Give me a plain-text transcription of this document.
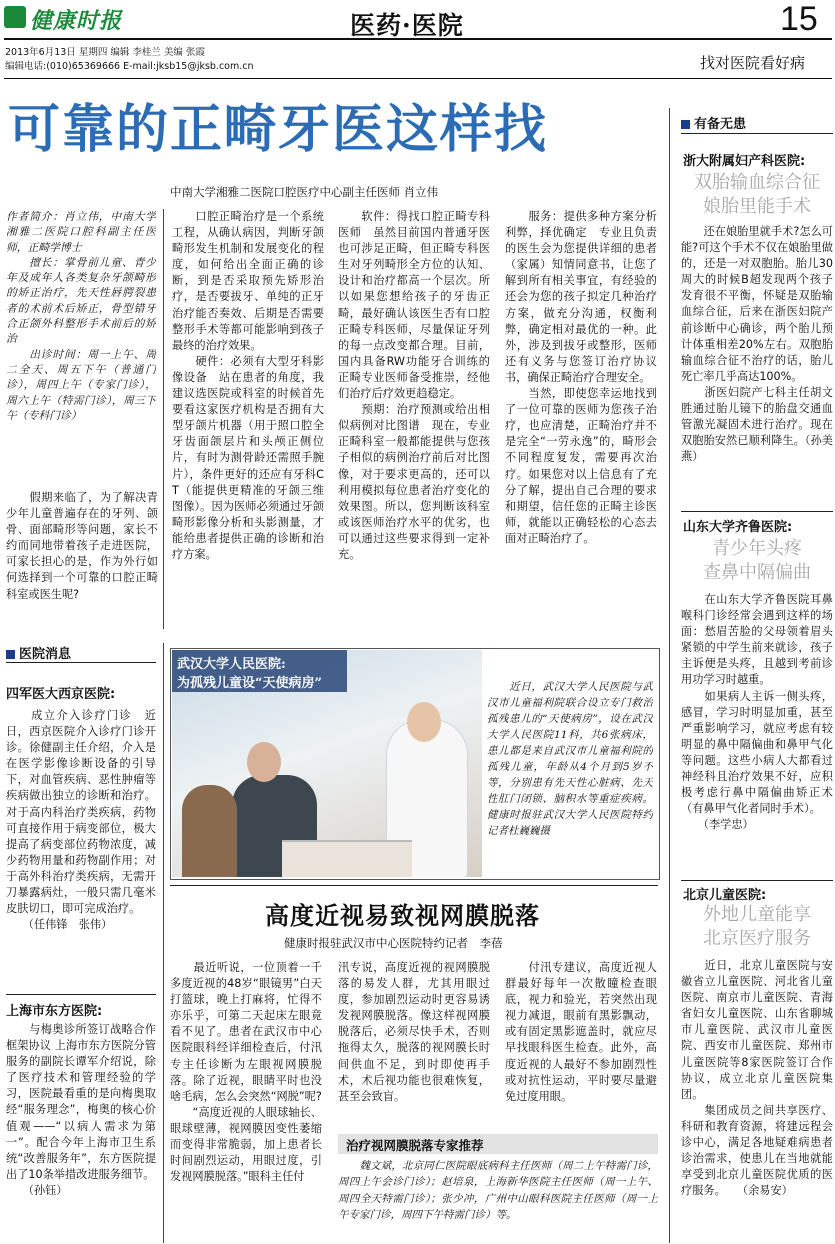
健康时报	医药·医院	15
2013年6月13日 星期四 编辑 李桂兰 美编 张霞
编辑电话:(010)65369666 E-mail:jksb15@jksb.com.cn	找对医院看好病
可靠的正畸牙医这样找
中南大学湘雅二医院口腔医疗中心副主任医师 肖立伟
作者简介：肖立伟，中南大学湘雅二医院口腔科副主任医师，正畸学博士
　　擅长：掌骨前儿童、青少年及成年人各类复杂牙颌畸形的矫正治疗，先天性唇腭裂患者的术前术后矫正，骨型错牙合正颌外科整形手术前后的矫治
　　出诊时间：周一上午、周二全天、周五下午（普通门诊），周四上午（专家门诊），周六上午（特需门诊），周三下午（专科门诊）
　　假期来临了，为了解决青少年儿童普遍存在的牙列、颌骨、面部畸形等问题，家长不约而同地带着孩子走进医院，可家长担心的是，作为外行如何选择到一个可靠的口腔正畸科室或医生呢?
　　口腔正畸治疗是一个系统工程，从确认病因，判断牙颌畸形发生机制和发展变化的程度，如何给出全面正确的诊断，到是否采取预先矫形治疗，是否要拔牙、单纯的正牙治疗能否奏效、后期是否需要整形手术等都可能影响到孩子最终的治疗效果。
　　硬件：必须有大型牙科影像设备　站在患者的角度，我建议选医院或科室的时候首先要看这家医疗机构是否拥有大型牙颌片机器（用于照口腔全牙齿面颌层片和头颅正侧位片，有时为测骨龄还需照手腕片），条件更好的还应有牙科CT（能提供更精准的牙颌三维图像）。因为医师必须通过牙颌畸形影像分析和头影测量，才能给患者提供正确的诊断和治疗方案。
　　软件：得找口腔正畸专科医师　虽然目前国内普通牙医也可涉足正畸，但正畸专科医生对牙列畸形全方位的认知、设计和治疗都高一个层次。所以如果您想给孩子的牙齿正畸，最好确认该医生否有口腔正畸专科医师，尽量保证牙列的每一点改变都合理。目前，国内具备RW功能牙合训练的正畸专业医师备受推崇，经他们治疗后疗效更趋稳定。
　　预期：治疗预测或给出相似病例对比图谱　现在，专业正畸科室一般都能提供与您孩子相似的病例治疗前后对比图像，对于要求更高的，还可以利用模拟每位患者治疗变化的效果图。所以，您判断该科室或该医师治疗水平的优劣，也可以通过这些要求得到一定补充。
　　服务：提供多种方案分析利弊，择优确定　专业且负责的医生会为您提供详细的患者（家属）知情同意书，让您了解到所有相关事宜，有经验的还会为您的孩子拟定几种治疗方案，做充分沟通，权衡利弊，确定相对最优的一种。此外，涉及到拔牙或整形，医师还有义务与您签订治疗协议书，确保正畸治疗合理安全。
　　当然，即使您幸运地找到了一位可靠的医师为您孩子治疗，也应清楚，正畸治疗并不是完全“一劳永逸”的，畸形会不同程度复发，需要再次治疗。如果您对以上信息有了充分了解，提出自己合理的要求和期望，信任您的正畸主诊医师，就能以正确轻松的心态去面对正畸治疗了。
医院消息
四军医大西京医院:
　　成立介入诊疗门诊　近日，西京医院介入诊疗门诊开诊。徐健副主任介绍，介入是在医学影像诊断设备的引导下，对血管疾病、恶性肿瘤等疾病做出独立的诊断和治疗。对于高内科治疗类疾病，药物可直接作用于病变部位，极大提高了病变部位药物浓度，减少药物用量和药物副作用；对于高外科治疗类疾病，无需开刀暴露病灶，一般只需几毫米皮肤切口，即可完成治疗。
　　（任伟锋　张伟）
上海市东方医院:
　　与梅奥诊所签订战略合作框架协议 上海市东方医院分管服务的副院长谭军介绍说，除了医疗技术和管理经验的学习，医院最看重的是向梅奥取经“服务理念”，梅奥的核心价值观——“以病人需求为第一”。配合今年上海市卫生系统“改善服务年”，东方医院提出了10条举措改进服务细节。
　　（孙钰）
武汉大学人民医院:
为孤残儿童设“天使病房”	　　近日，武汉大学人民医院与武汉市儿童福利院联合设立专门救治孤残患儿的“天使病房”，设在武汉大学人民医院11科，共6张病床，患儿都是来自武汉市儿童福利院的孤残儿童，年龄从4个月到5岁不等，分别患有先天性心脏病、先天性肛门闭锁、脑积水等重症疾病。健康时报驻武汉大学人民医院特约记者杜巍巍摄
高度近视易致视网膜脱落
健康时报驻武汉市中心医院特约记者　李蓓
　　最近听说，一位顶着一千多度近视的48岁“眼镜男”白天打篮球，晚上打麻将，忙得不亦乐乎，可第二天起床左眼竟看不见了。患者在武汉市中心医院眼科经详细检查后，付汛专主任诊断为左眼视网膜脱落。除了近视，眼睛平时也没啥毛病，怎么会突然“网脱”呢?
　　“高度近视的人眼球轴长、眼球壁薄，视网膜因变性萎缩而变得非常脆弱，加上患者长时间剧烈运动，用眼过度，引发视网膜脱落。”眼科主任付
汛专说，高度近视的视网膜脱落的易发人群，尤其用眼过度，参加剧烈运动时更容易诱发视网膜脱落。像这样视网膜脱落后，必须尽快手术，否则拖得太久，脱落的视网膜长时间供血不足，到时即使再手术，术后视功能也很难恢复，甚至会致盲。
　　付汛专建议，高度近视人群最好每年一次散瞳检查眼底，视力和验光，若突然出现视力减退，眼前有黑影飘动，或有固定黑影遮盖时，就应尽早找眼科医生检查。此外，高度近视的人最好不参加剧烈性或对抗性运动，平时要尽量避免过度用眼。
治疗视网膜脱落专家推荐
　　魏文斌，北京同仁医院眼底病科主任医师（周二上午特需门诊，周四上午会诊门诊）；赵培泉，上海新华医院主任医师（周一上午、周四全天特需门诊）；张少冲，广州中山眼科医院主任医师（周一上午专家门诊，周四下午特需门诊）等。
有备无患
浙大附属妇产科医院:
双胎输血综合征
娘胎里能手术
　　还在娘胎里就手术?怎么可能?可这个手术不仅在娘胎里做的，还是一对双胞胎。胎儿30周大的时候B超发现两个孩子发育很不平衡，怀疑是双胎输血综合征，后来在浙医妇院产前诊断中心确诊，两个胎儿预计体重相差20%左右。双胞胎输血综合征不治疗的话，胎儿死亡率几乎高达100%。
　　浙医妇院产七科主任胡文胜通过胎儿镜下的胎盘交通血管激光凝固术进行治疗。现在双胞胎安然已顺利降生。（孙美燕）
山东大学齐鲁医院:
青少年头疼
查鼻中隔偏曲
　　在山东大学齐鲁医院耳鼻喉科门诊经常会遇到这样的场面：愁眉苦脸的父母领着眉头紧锁的中学生前来就诊，孩子主诉便是头疼，且越到考前诊用功学习时越重。
　　如果病人主诉一侧头疼，感冒，学习时明显加重，甚至严重影响学习，就应考虑有较明显的鼻中隔偏曲和鼻甲气化等问题。这些小病人大都看过神经科且治疗效果不好，应积极考虑行鼻中隔偏曲矫正术（有鼻甲气化者同时手术）。
　　（李学忠）
北京儿童医院:
外地儿童能享
北京医疗服务
　　近日，北京儿童医院与安徽省立儿童医院、河北省儿童医院、南京市儿童医院、青海省妇女儿童医院、山东省聊城市儿童医院、武汉市儿童医院、西安市儿童医院、郑州市儿童医院等8家医院签订合作协议，成立北京儿童医院集团。
　　集团成员之间共享医疗、科研和教育资源，将建远程会诊中心，满足各地疑难病患者诊治需求，使患儿在当地就能享受到北京儿童医院优质的医疗服务。　　（余易安）
